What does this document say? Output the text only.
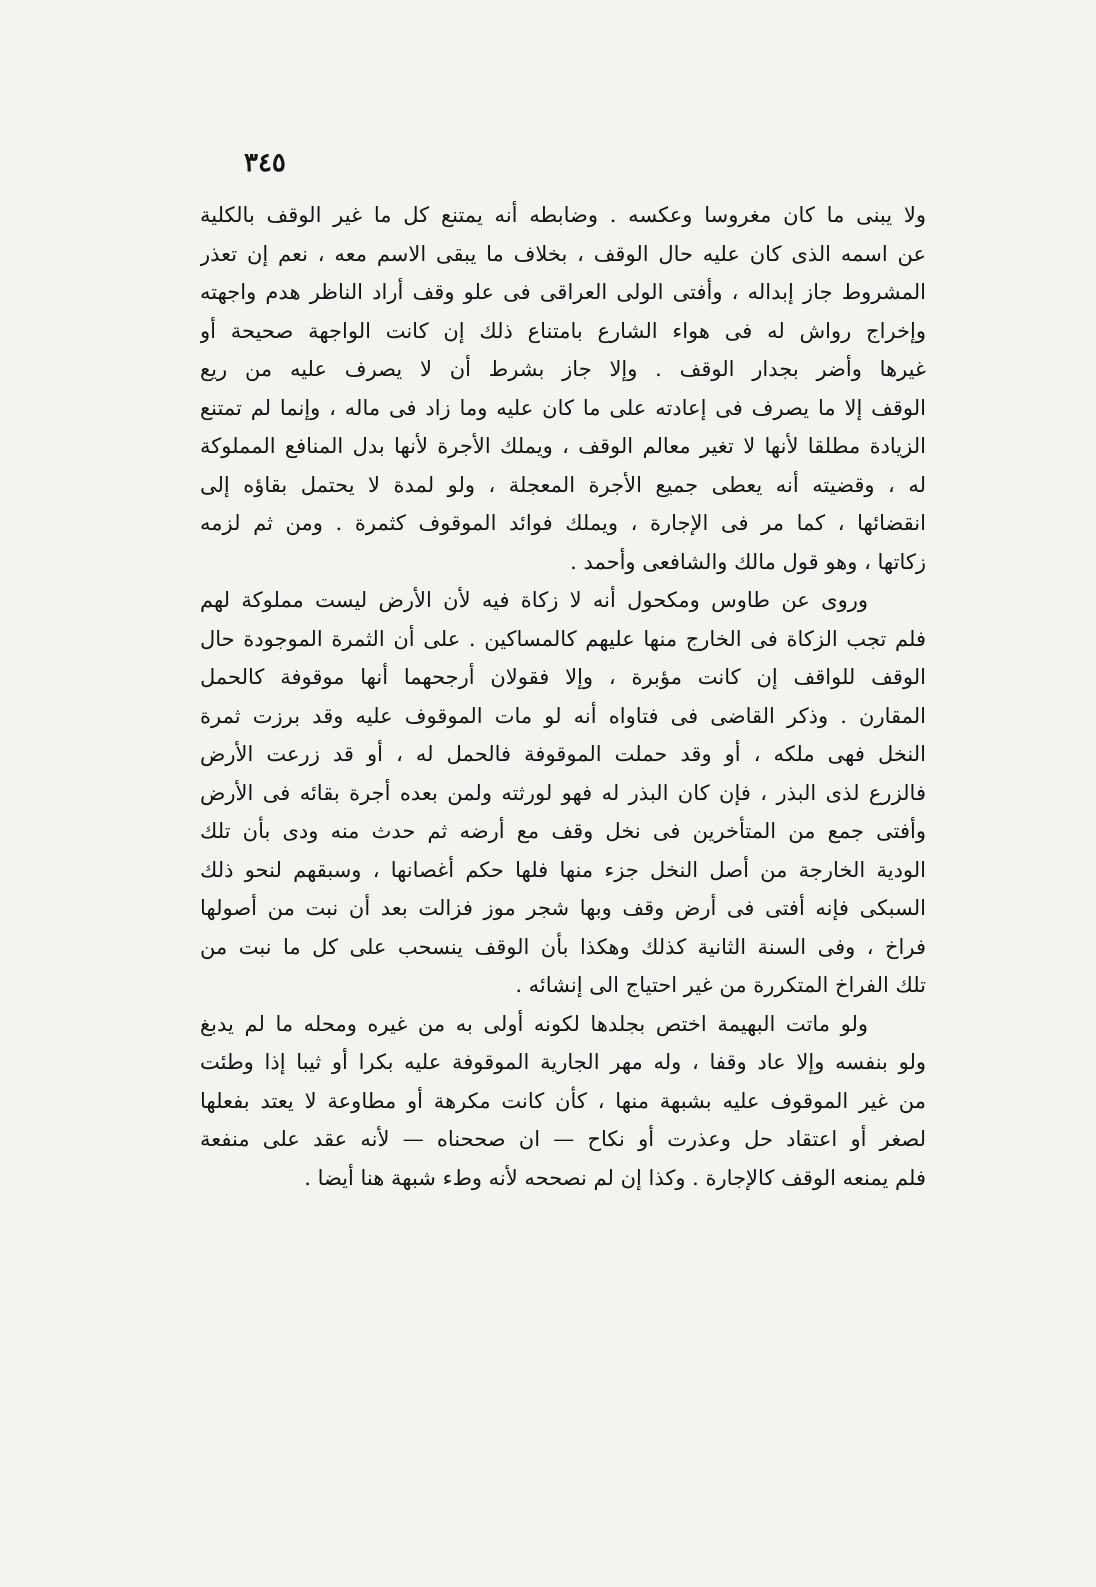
٣٤٥
ولا يبنى ما كان مغروسا وعكسه . وضابطه أنه يمتنع كل ما غير الوقف بالكلية
عن اسمه الذى كان عليه حال الوقف ، بخلاف ما يبقى الاسم معه ، نعم إن تعذر
المشروط جاز إبداله ، وأفتى الولى العراقى فى علو وقف أراد الناظر هدم واجهته
وإخراج رواش له فى هواء الشارع بامتناع ذلك إن كانت الواجهة صحيحة أو
غيرها وأضر بجدار الوقف . وإلا جاز بشرط أن لا يصرف عليه من ريع
الوقف إلا ما يصرف فى إعادته على ما كان عليه وما زاد فى ماله ، وإنما لم تمتنع
الزيادة مطلقا لأنها لا تغير معالم الوقف ، ويملك الأجرة لأنها بدل المنافع المملوكة
له ، وقضيته أنه يعطى جميع الأجرة المعجلة ، ولو لمدة لا يحتمل بقاؤه إلى
انقضائها ، كما مر فى الإجارة ، ويملك فوائد الموقوف كثمرة . ومن ثم لزمه
زكاتها ، وهو قول مالك والشافعى وأحمد .
وروى عن طاوس ومكحول أنه لا زكاة فيه لأن الأرض ليست مملوكة لهم
فلم تجب الزكاة فى الخارج منها عليهم كالمساكين . على أن الثمرة الموجودة حال
الوقف للواقف إن كانت مؤبرة ، وإلا فقولان أرجحهما أنها موقوفة كالحمل
المقارن . وذكر القاضى فى فتاواه أنه لو مات الموقوف عليه وقد برزت ثمرة
النخل فهى ملكه ، أو وقد حملت الموقوفة فالحمل له ، أو قد زرعت الأرض
فالزرع لذى البذر ، فإن كان البذر له فهو لورثته ولمن بعده أجرة بقائه فى الأرض
وأفتى جمع من المتأخرين فى نخل وقف مع أرضه ثم حدث منه ودى بأن تلك
الودية الخارجة من أصل النخل جزء منها فلها حكم أغصانها ، وسبقهم لنحو ذلك
السبكى فإنه أفتى فى أرض وقف وبها شجر موز فزالت بعد أن نبت من أصولها
فراخ ، وفى السنة الثانية كذلك وهكذا بأن الوقف ينسحب على كل ما نبت من
تلك الفراخ المتكررة من غير احتياج الى إنشائه .
ولو ماتت البهيمة اختص بجلدها لكونه أولى به من غيره ومحله ما لم يدبغ
ولو بنفسه وإلا عاد وقفا ، وله مهر الجارية الموقوفة عليه بكرا أو ثيبا إذا وطئت
من غير الموقوف عليه بشبهة منها ، كأن كانت مكرهة أو مطاوعة لا يعتد بفعلها
لصغر أو اعتقاد حل وعذرت أو نكاح — ان صححناه — لأنه عقد على منفعة
فلم يمنعه الوقف كالإجارة . وكذا إن لم نصححه لأنه وطء شبهة هنا أيضا .
